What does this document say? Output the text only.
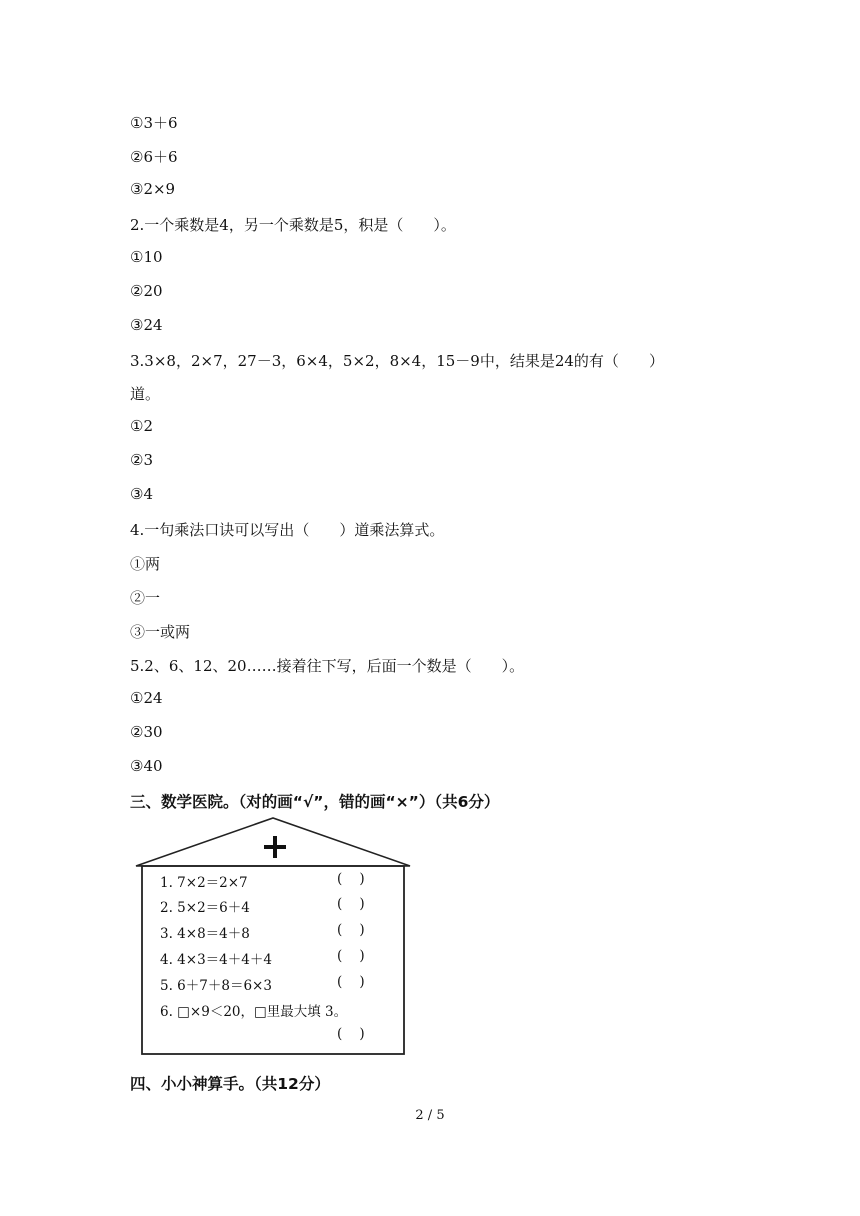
①3＋6
②6＋6
③2×9
2.一个乘数是4，另一个乘数是5，积是（　　）。
①10
②20
③24
3.3×8，2×7，27－3，6×4，5×2，8×4，15－9中，结果是24的有（　　）
道。
①2
②3
③4
4.一句乘法口诀可以写出（　　）道乘法算式。
①两
②一
③一或两
5.2、6、12、20……接着往下写，后面一个数是（　　）。
①24
②30
③40
三、数学医院。（对的画“√”，错的画“×”）（共6分）
1. 7×2＝2×7	(    )
2. 5×2＝6＋4	(    )
3. 4×8＝4＋8	(    )
4. 4×3＝4＋4＋4	(    )
5. 6＋7＋8＝6×3	(    )
6. □×9＜20，□里最大填 3。
(    )
四、小小神算手。（共12分）
2 / 5
